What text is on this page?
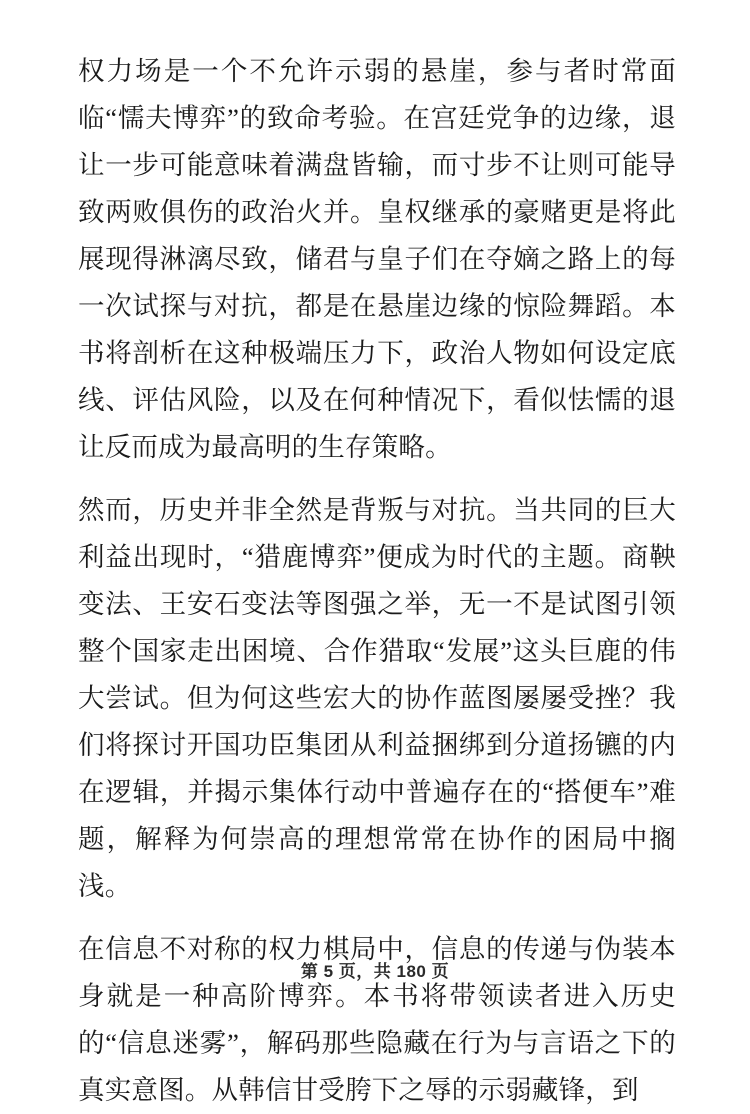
权力场是一个不允许示弱的悬崖，参与者时常面临“懦夫博弈”的致命考验。在宫廷党争的边缘，退让一步可能意味着满盘皆输，而寸步不让则可能导致两败俱伤的政治火并。皇权继承的豪赌更是将此展现得淋漓尽致，储君与皇子们在夺嫡之路上的每一次试探与对抗，都是在悬崖边缘的惊险舞蹈。本书将剖析在这种极端压力下，政治人物如何设定底线、评估风险，以及在何种情况下，看似怯懦的退让反而成为最高明的生存策略。

然而，历史并非全然是背叛与对抗。当共同的巨大利益出现时，“猎鹿博弈”便成为时代的主题。商鞅变法、王安石变法等图强之举，无一不是试图引领整个国家走出困境、合作猎取“发展”这头巨鹿的伟大尝试。但为何这些宏大的协作蓝图屡屡受挫？我们将探讨开国功臣集团从利益捆绑到分道扬镳的内在逻辑，并揭示集体行动中普遍存在的“搭便车”难题，解释为何崇高的理想常常在协作的困局中搁浅。

在信息不对称的权力棋局中，信息的传递与伪装本身就是一种高阶博弈。本书将带领读者进入历史的“信息迷雾”，解码那些隐藏在行为与言语之下的真实意图。从韩信甘受胯下之辱的示弱藏锋，到

第 5 页，共 180 页
